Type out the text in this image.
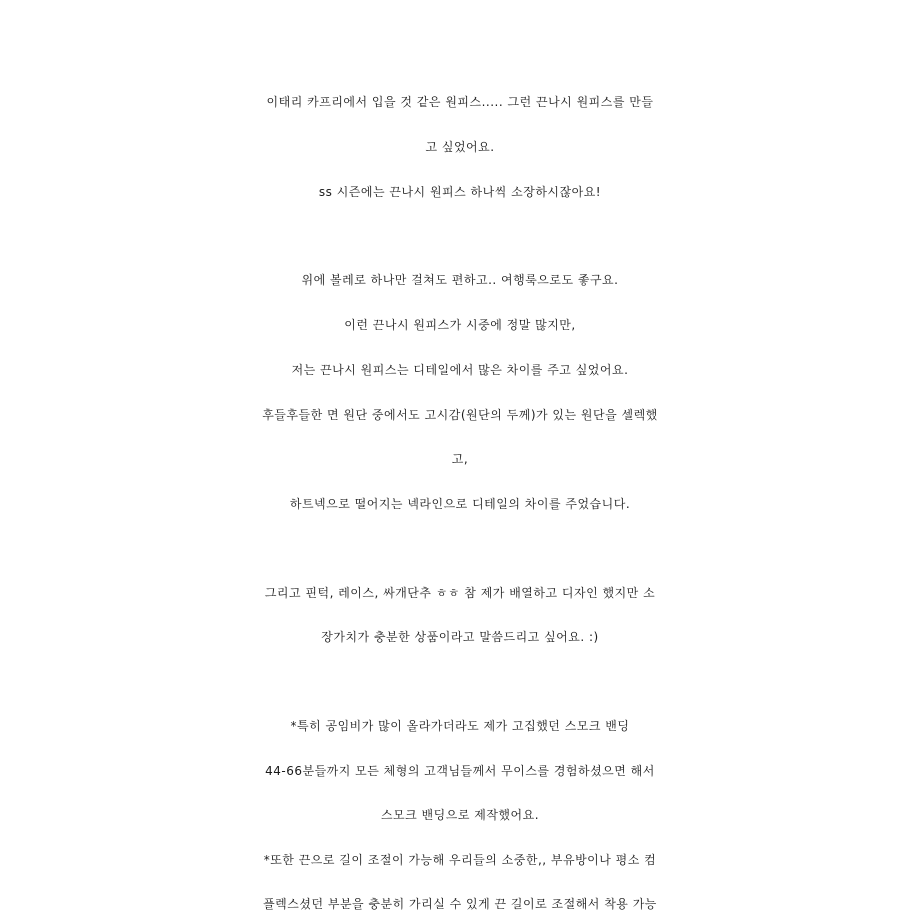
이태리 카프리에서 입을 것 같은 원피스..... 그런 끈나시 원피스를 만들
고 싶었어요.
ss 시즌에는 끈나시 원피스 하나씩 소장하시잖아요!
위에 볼레로 하나만 걸쳐도 편하고.. 여행룩으로도 좋구요.
이런 끈나시 원피스가 시중에 정말 많지만,
저는 끈나시 원피스는 디테일에서 많은 차이를 주고 싶었어요.
후들후들한 면 원단 중에서도 고시감(원단의 두께)가 있는 원단을 셀렉했
고,
하트넥으로 떨어지는 넥라인으로 디테일의 차이를 주었습니다.
그리고 핀턱, 레이스, 싸개단추 ㅎㅎ 참 제가 배열하고 디자인 했지만 소
장가치가 충분한 상품이라고 말씀드리고 싶어요. :)
*특히 공임비가 많이 올라가더라도 제가 고집했던 스모크 밴딩
44-66분들까지 모든 체형의 고객님들께서 무이스를 경험하셨으면 해서
스모크 밴딩으로 제작했어요.
*또한 끈으로 길이 조절이 가능해 우리들의 소중한,, 부유방이나 평소 컴
플렉스셨던 부분을 충분히 가리실 수 있게 끈 길이로 조절해서 착용 가능
